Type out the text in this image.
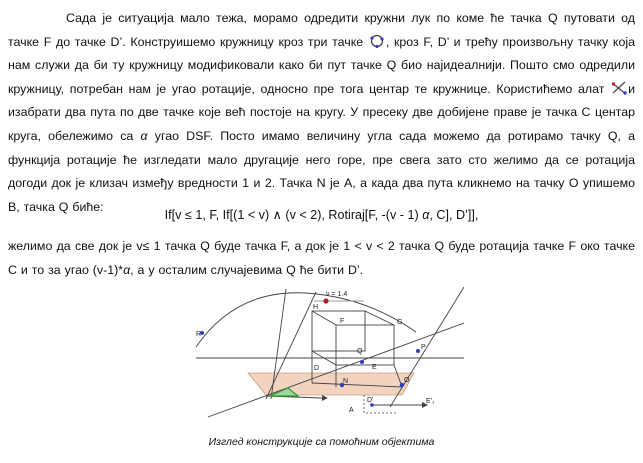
Сада је ситуација мало тежа, морамо одредити кружни лук по коме ће тачка Q путовати од тачке F до тачке D’. Конструишемо кружницу кроз три тачке , кроз F, D’ и трећу произвољну тачку која нам служи да би ту кружницу модификовали како би пут тачке Q био најидеалнији. Пошто смо одредили кружницу, потребан нам је угао ротације, односно пре тога центар те кружнице. Користићемо алат и изабрати два пута по две тачке које већ постоје на кругу. У пресеку две добијене праве је тачка C центар круга, обележимо са α угао DSF. Посто имамо величину угла сада можемо да ротирамо тачку Q, а функција ротације ће изгледати мало другације него горе, пре свега зато сто желимо да се ротација догоди док је клизач између вредности 1 и 2. Тачка N је A, а када два пута кликнемо на тачку O упишемо B, тачка Q биће:
If[v ≤ 1, F, If[(1 < v) ∧ (v < 2), Rotiraj[F, -(v - 1) α, C], D’]],
желимо да све док је v≤ 1 тачка Q буде тачка F, а док је 1 < v < 2 тачка Q буде ротација тачке F око тачке C и то за угао (v-1)*α, а у осталим случајевима Q ће бити D’.
v = 1.4
R
H
F	G
Q
P
D
N
E
O
D'
A
E'₁
Изглед конструкције са помоћним објектима
